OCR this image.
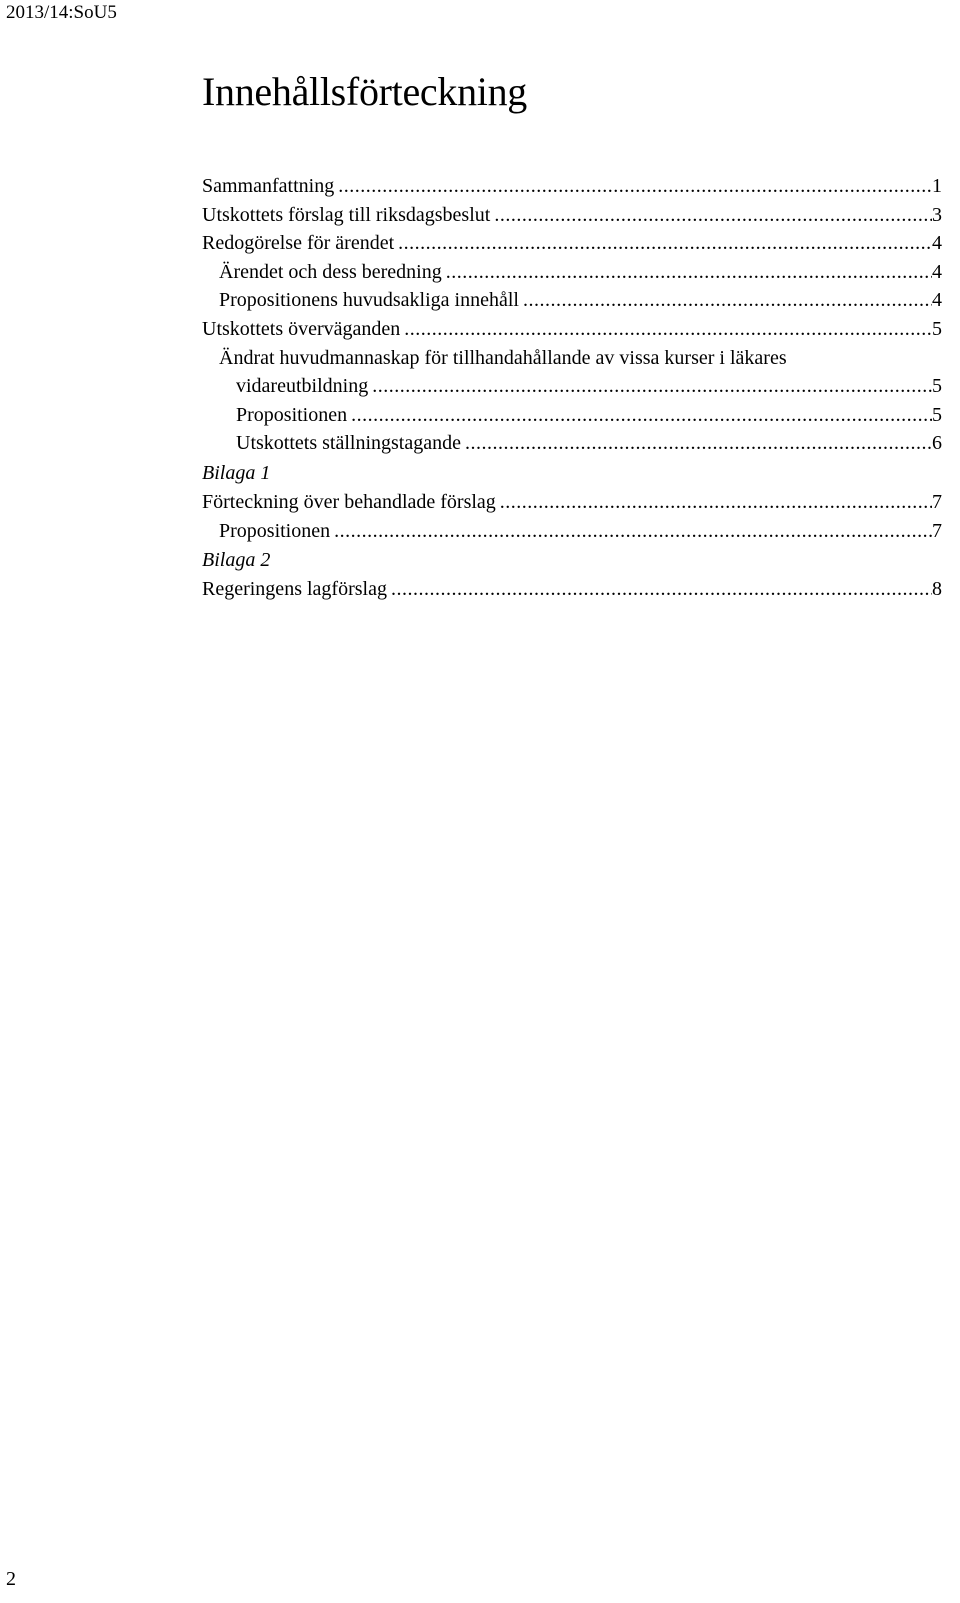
2013/14:SoU5
Innehållsförteckning
Sammanfattning .....	1
Utskottets förslag till riksdagsbeslut .....	3
Redogörelse för ärendet .....	4
Ärendet och dess beredning .....	4
Propositionens huvudsakliga innehåll .....	4
Utskottets överväganden .....	5
Ändrat huvudmannaskap för tillhandahållande av vissa kurser i läkares
vidareutbildning .....	5
Propositionen .....	5
Utskottets ställningstagande .....	6
Bilaga 1
Förteckning över behandlade förslag .....	7
Propositionen .....	7
Bilaga 2
Regeringens lagförslag .....	8
2
